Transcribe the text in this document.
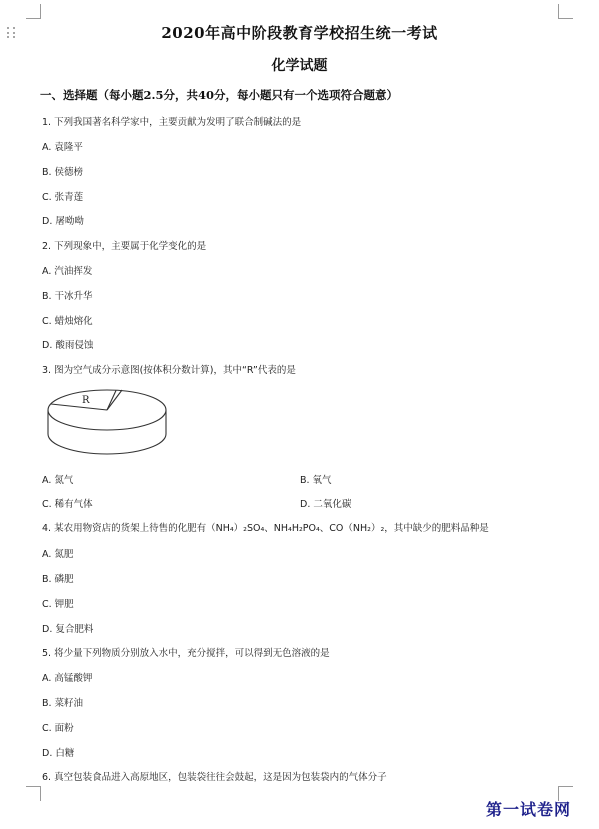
2020年高中阶段教育学校招生统一考试
化学试题
一、选择题（每小题2.5分，共40分，每小题只有一个选项符合题意）
1. 下列我国著名科学家中，主要贡献为发明了联合制碱法的是
A. 袁隆平
B. 侯德榜
C. 张青莲
D. 屠呦呦
2. 下列现象中，主要属于化学变化的是
A. 汽油挥发
B. 干冰升华
C. 蜡烛熔化
D. 酸雨侵蚀
3. 图为空气成分示意图(按体积分数计算)，其中“R”代表的是
R
A. 氮气	B. 氧气
C. 稀有气体	D. 二氧化碳
4. 某农用物资店的货架上待售的化肥有（NH₄）₂SO₄、NH₄H₂PO₄、CO（NH₂）₂，其中缺少的肥料品种是
A. 氮肥
B. 磷肥
C. 钾肥
D. 复合肥料
5. 将少量下列物质分别放入水中，充分搅拌，可以得到无色溶液的是
A. 高锰酸钾
B. 菜籽油
C. 面粉
D. 白糖
6. 真空包装食品进入高原地区，包装袋往往会鼓起，这是因为包装袋内的气体分子
第一试卷网
